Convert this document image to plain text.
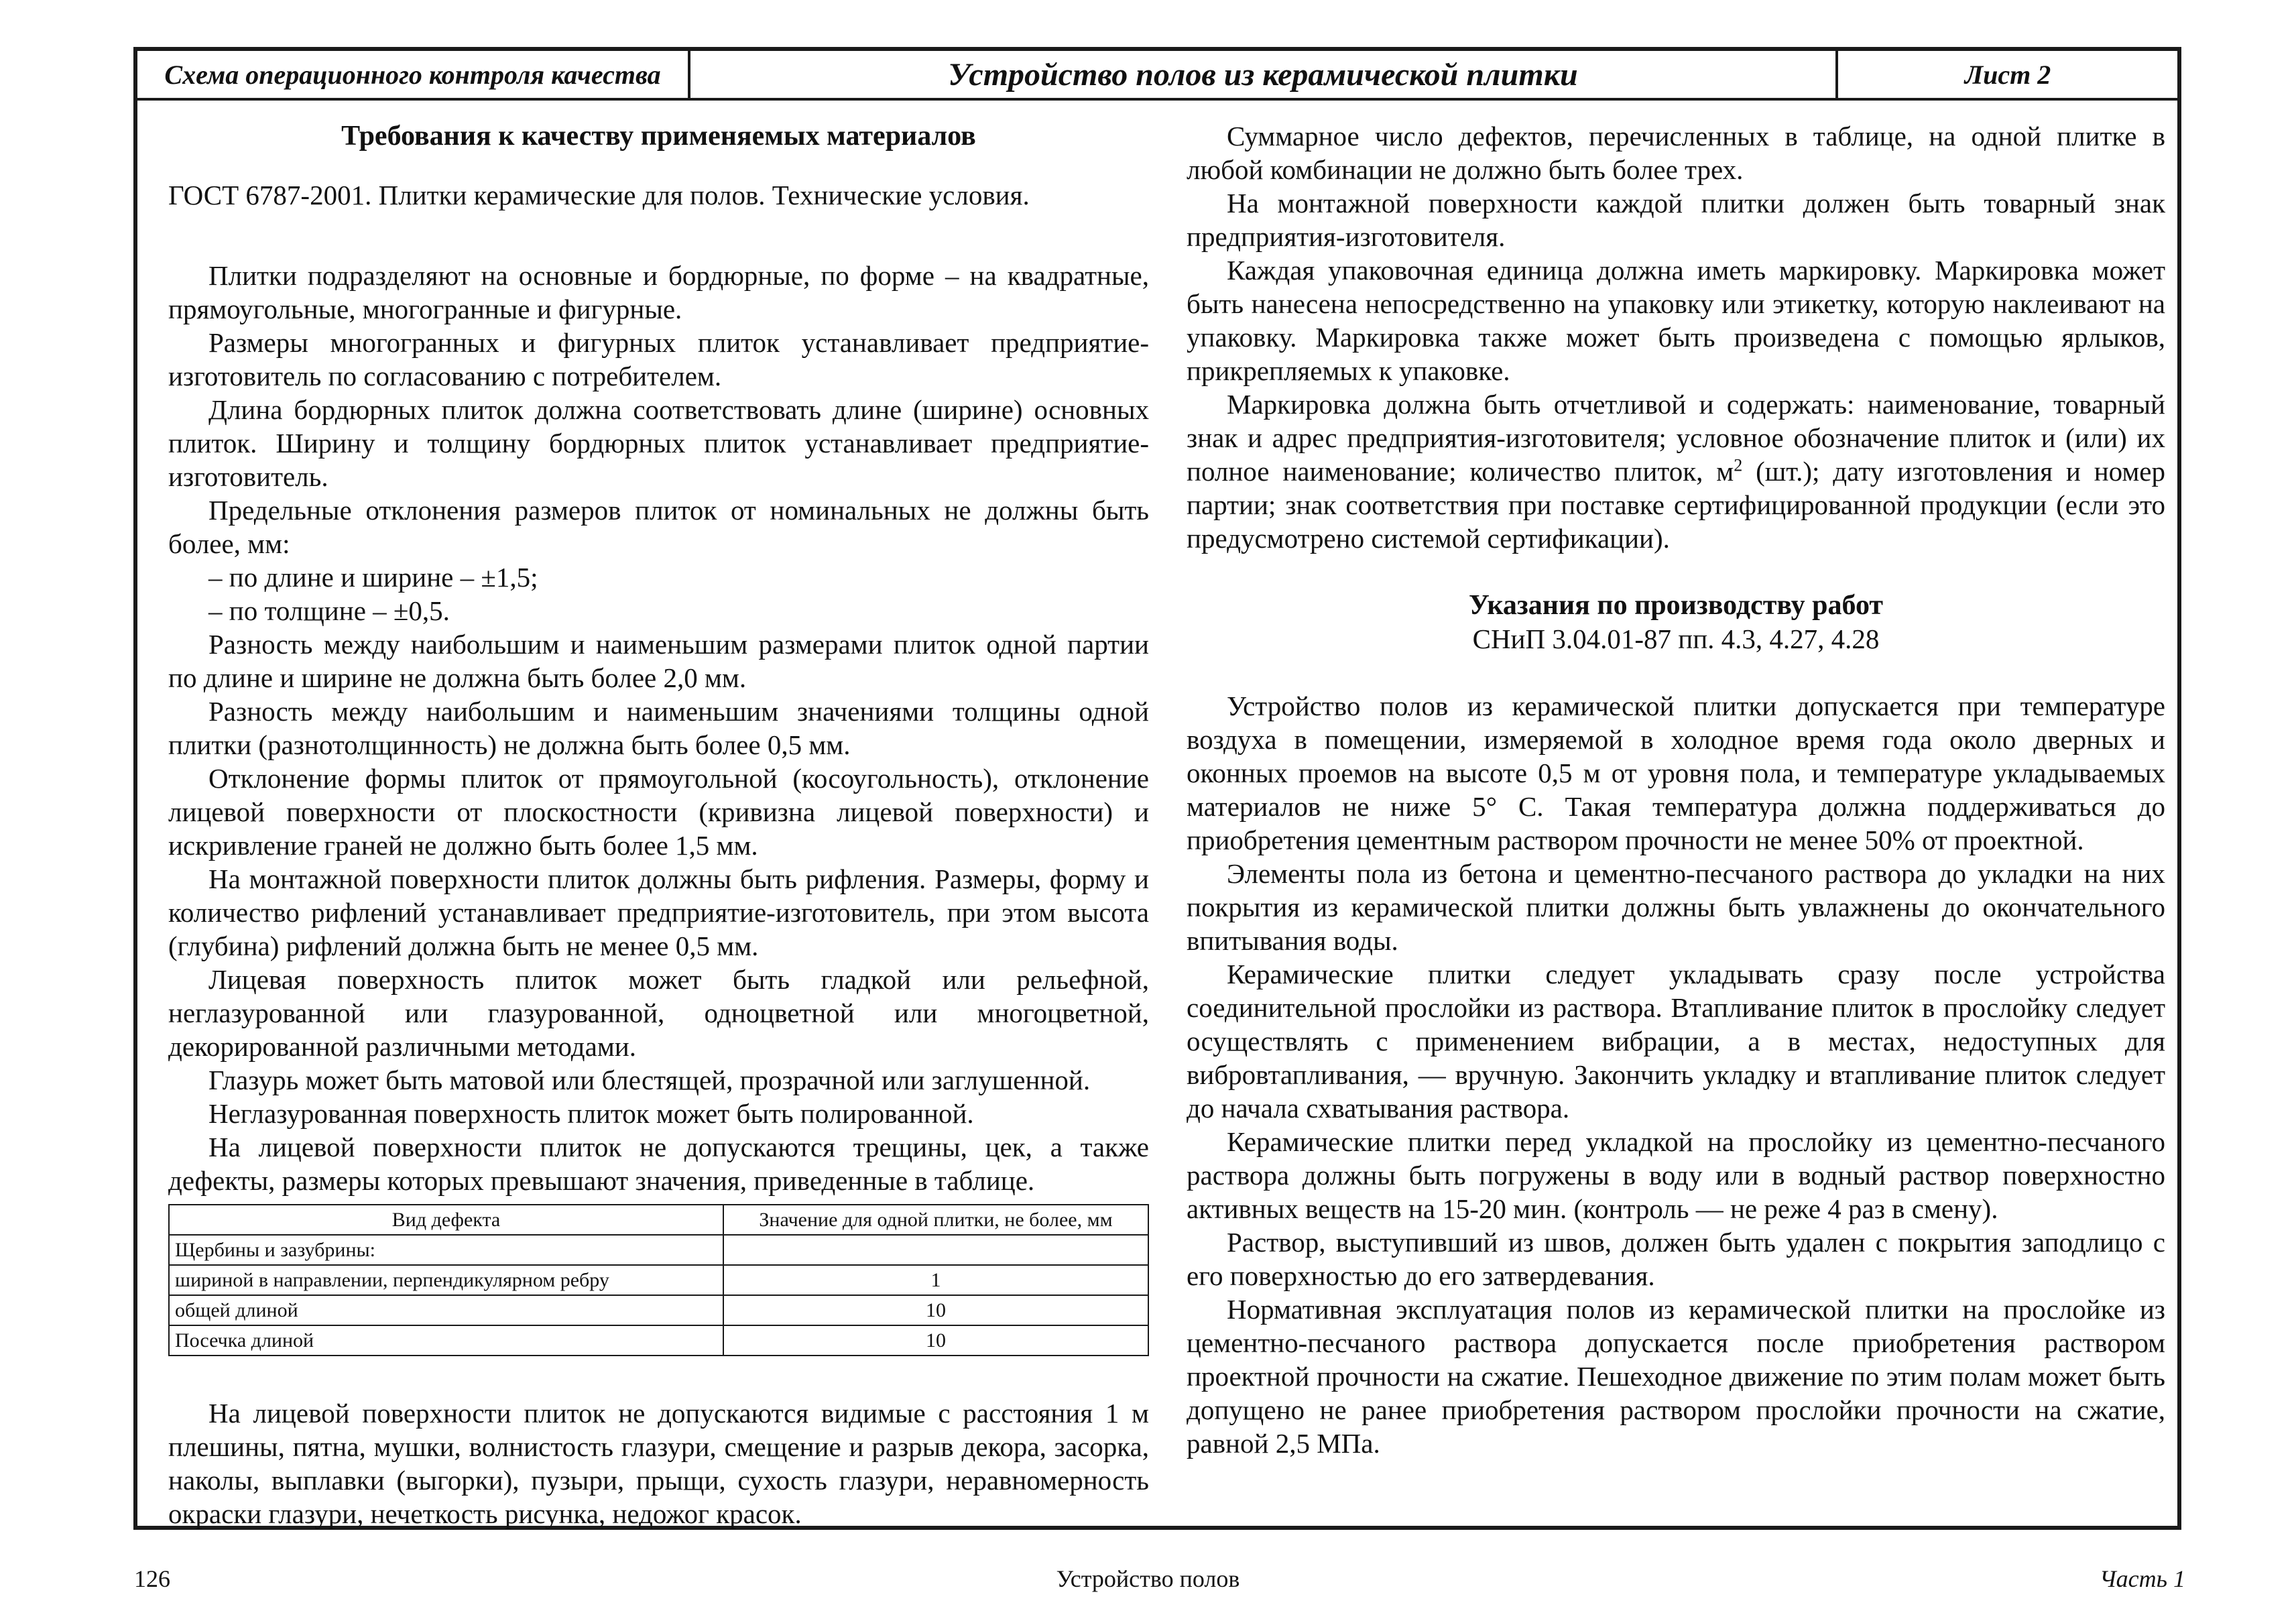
Схема операционного контроля качества	Устройство полов из керамической плитки	Лист 2
Требования к качеству применяемых материалов

ГОСТ 6787-2001. Плитки керамические для полов. Технические условия.

Плитки подразделяют на основные и бордюрные, по форме – на квадратные, прямоугольные, многогранные и фигурные.

Размеры многогранных и фигурных плиток устанавливает предприятие-изготовитель по согласованию с потребителем.

Длина бордюрных плиток должна соответствовать длине (ширине) основных плиток. Ширину и толщину бордюрных плиток устанавливает предприятие-изготовитель.

Предельные отклонения размеров плиток от номинальных не должны быть более, мм:

– по длине и ширине – ±1,5;

– по толщине – ±0,5.

Разность между наибольшим и наименьшим размерами плиток одной партии по длине и ширине не должна быть более 2,0 мм.

Разность между наибольшим и наименьшим значениями толщины одной плитки (разнотолщинность) не должна быть более 0,5 мм.

Отклонение формы плиток от прямоугольной (косоугольность), отклонение лицевой поверхности от плоскостности (кривизна лицевой поверхности) и искривление граней не должно быть более 1,5 мм.

На монтажной поверхности плиток должны быть рифления. Размеры, форму и количество рифлений устанавливает предприятие-изготовитель, при этом высота (глубина) рифлений должна быть не менее 0,5 мм.

Лицевая поверхность плиток может быть гладкой или рельефной, неглазурованной или глазурованной, одноцветной или многоцветной, декорированной различными методами.

Глазурь может быть матовой или блестящей, прозрачной или заглушенной.

Неглазурованная поверхность плиток может быть полированной.

На лицевой поверхности плиток не допускаются трещины, цек, а также дефекты, размеры которых превышают значения, приведенные в таблице.

Вид дефекта	Значение для одной плитки, не более, мм
Щербины и зазубрины:	
шириной в направлении, перпендикулярном ребру	1
общей длиной	10
Посечка длиной	10

На лицевой поверхности плиток не допускаются видимые с расстояния 1 м плешины, пятна, мушки, волнистость глазури, смещение и разрыв декора, засорка, наколы, выплавки (выгорки), пузыри, прыщи, сухость глазури, неравномерность окраски глазури, нечеткость рисунка, недожог красок.

Суммарное число дефектов, перечисленных в таблице, на одной плитке в любой комбинации не должно быть более трех.

На монтажной поверхности каждой плитки должен быть товарный знак предприятия-изготовителя.

Каждая упаковочная единица должна иметь маркировку. Маркировка может быть нанесена непосредственно на упаковку или этикетку, которую наклеивают на упаковку. Маркировка также может быть произведена с помощью ярлыков, прикрепляемых к упаковке.

Маркировка должна быть отчетливой и содержать: наименование, товарный знак и адрес предприятия-изготовителя; условное обозначение плиток и (или) их полное наименование; количество плиток, $м^2$ (шт.); дату изготовления и номер партии; знак соответствия при поставке сертифицированной продукции (если это предусмотрено системой сертификации).

Указания по производству работ

СНиП 3.04.01-87 пп. 4.3, 4.27, 4.28

Устройство полов из керамической плитки допускается при температуре воздуха в помещении, измеряемой в холодное время года около дверных и оконных проемов на высоте 0,5 м от уровня пола, и температуре укладываемых материалов не ниже 5° С. Такая температура должна поддерживаться до приобретения цементным раствором прочности не менее 50% от проектной.

Элементы пола из бетона и цементно-песчаного раствора до укладки на них покрытия из керамической плитки должны быть увлажнены до окончательного впитывания воды.

Керамические плитки следует укладывать сразу после устройства соединительной прослойки из раствора. Втапливание плиток в прослойку следует осуществлять с применением вибрации, а в местах, недоступных для вибровтапливания, — вручную. Закончить укладку и втапливание плиток следует до начала схватывания раствора.

Керамические плитки перед укладкой на прослойку из цементно-песчаного раствора должны быть погружены в воду или в водный раствор поверхностно активных веществ на 15-20 мин. (контроль — не реже 4 раз в смену).

Раствор, выступивший из швов, должен быть удален с покрытия заподлицо с его поверхностью до его затвердевания.

Нормативная эксплуатация полов из керамической плитки на прослойке из цементно-песчаного раствора допускается после приобретения раствором проектной прочности на сжатие. Пешеходное движение по этим полам может быть допущено не ранее приобретения раствором прослойки прочности на сжатие, равной 2,5 МПа.

126	Устройство полов	Часть 1
